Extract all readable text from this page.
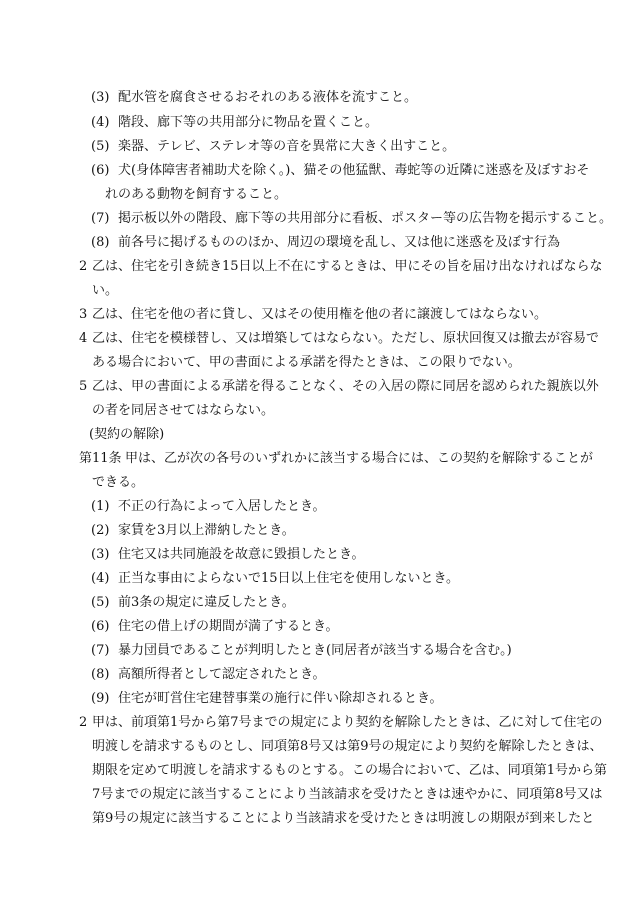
(3) 配水管を腐食させるおそれのある液体を流すこと。
(4) 階段、廊下等の共用部分に物品を置くこと。
(5) 楽器、テレビ、ステレオ等の音を異常に大きく出すこと。
(6) 犬(身体障害者補助犬を除く。)、猫その他猛獣、毒蛇等の近隣に迷惑を及ぼすおそ
れのある動物を飼育すること。
(7) 掲示板以外の階段、廊下等の共用部分に看板、ポスター等の広告物を掲示すること。
(8) 前各号に掲げるもののほか、周辺の環境を乱し、又は他に迷惑を及ぼす行為
2 乙は、住宅を引き続き15日以上不在にするときは、甲にその旨を届け出なければならな
い。
3 乙は、住宅を他の者に貸し、又はその使用権を他の者に譲渡してはならない。
4 乙は、住宅を模様替し、又は増築してはならない。ただし、原状回復又は撤去が容易で
ある場合において、甲の書面による承諾を得たときは、この限りでない。
5 乙は、甲の書面による承諾を得ることなく、その入居の際に同居を認められた親族以外
の者を同居させてはならない。
(契約の解除)
第11条 甲は、乙が次の各号のいずれかに該当する場合には、この契約を解除することが
できる。
(1) 不正の行為によって入居したとき。
(2) 家賃を3月以上滞納したとき。
(3) 住宅又は共同施設を故意に毀損したとき。
(4) 正当な事由によらないで15日以上住宅を使用しないとき。
(5) 前3条の規定に違反したとき。
(6) 住宅の借上げの期間が満了するとき。
(7) 暴力団員であることが判明したとき(同居者が該当する場合を含む。)
(8) 高額所得者として認定されたとき。
(9) 住宅が町営住宅建替事業の施行に伴い除却されるとき。
2 甲は、前項第1号から第7号までの規定により契約を解除したときは、乙に対して住宅の
明渡しを請求するものとし、同項第8号又は第9号の規定により契約を解除したときは、
期限を定めて明渡しを請求するものとする。この場合において、乙は、同項第1号から第
7号までの規定に該当することにより当該請求を受けたときは速やかに、同項第8号又は
第9号の規定に該当することにより当該請求を受けたときは明渡しの期限が到来したと
